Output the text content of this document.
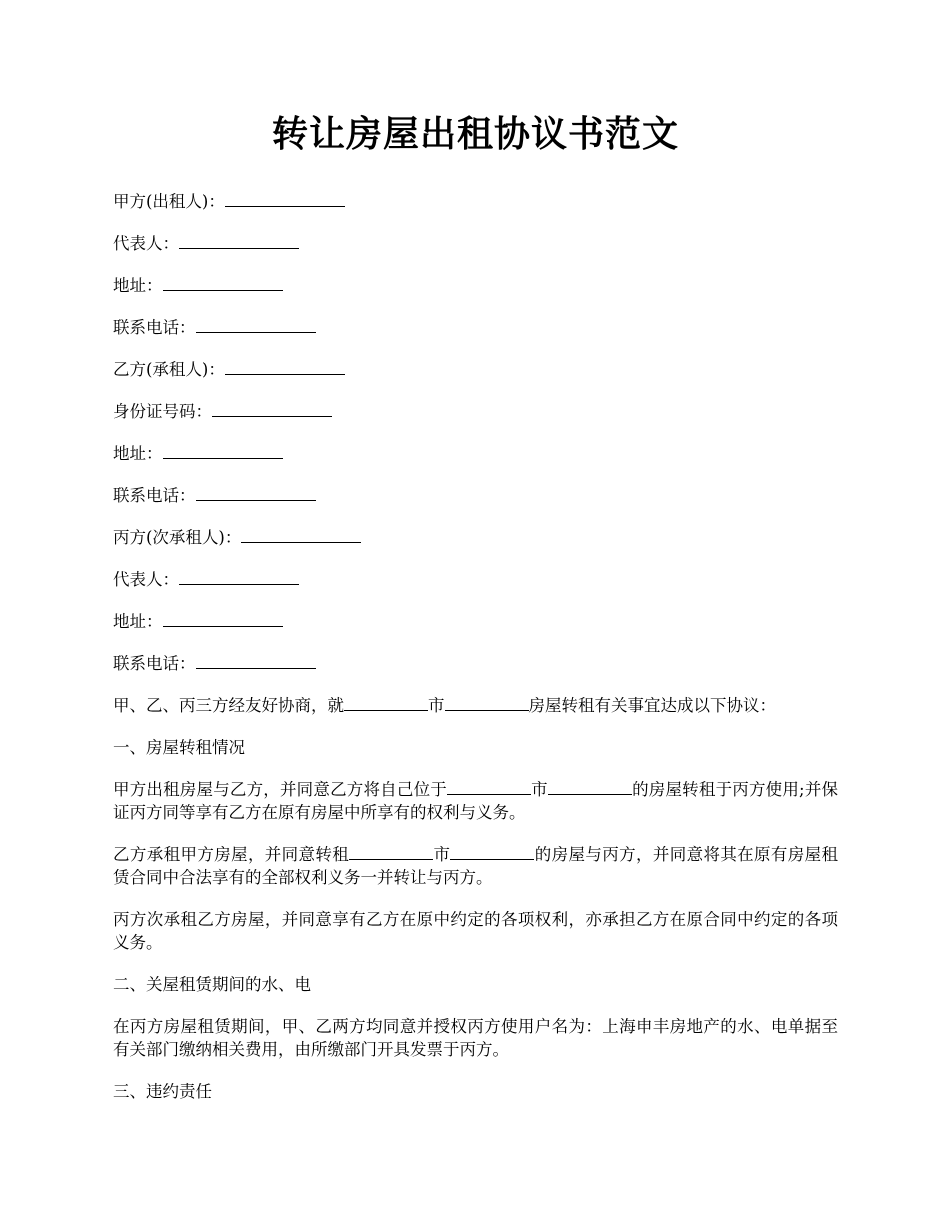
转让房屋出租协议书范文
甲方(出租人)：
代表人：
地址：
联系电话：
乙方(承租人)：
身份证号码：
地址：
联系电话：
丙方(次承租人)：
代表人：
地址：
联系电话：

甲、乙、丙三方经友好协商，就	市	房屋转租有关事宜达成以下协议：

一、房屋转租情况

甲方出租房屋与乙方，并同意乙方将自己位于	市	的房屋转租于丙方使用;并保证丙方同等享有乙方在原有房屋中所享有的权利与义务。

乙方承租甲方房屋，并同意转租	市	的房屋与丙方，并同意将其在原有房屋租赁合同中合法享有的全部权利义务一并转让与丙方。

丙方次承租乙方房屋，并同意享有乙方在原中约定的各项权利，亦承担乙方在原合同中约定的各项义务。

二、关屋租赁期间的水、电

在丙方房屋租赁期间，甲、乙两方均同意并授权丙方使用户名为：上海申丰房地产的水、电单据至有关部门缴纳相关费用，由所缴部门开具发票于丙方。

三、违约责任
